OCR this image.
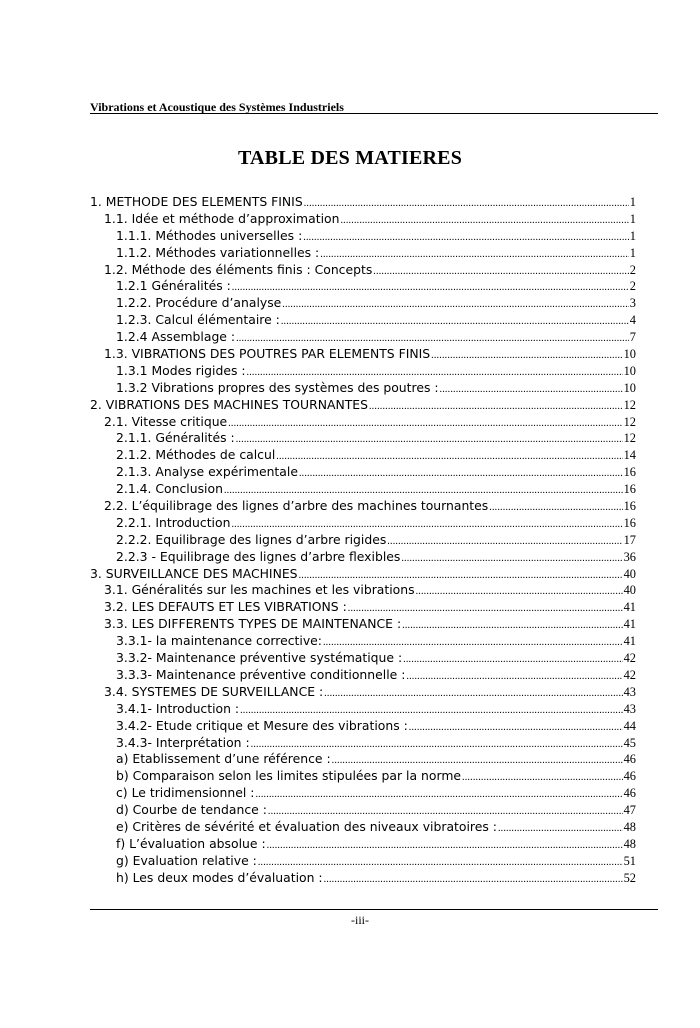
Vibrations et Acoustique des Systèmes Industriels
TABLE DES MATIERES
1. METHODE DES ELEMENTS FINIS .....	1
1.1. Idée et méthode d’approximation .....	1
1.1.1. Méthodes universelles : .....	1
1.1.2. Méthodes variationnelles : .....	1
1.2. Méthode des éléments finis : Concepts .....	2
1.2.1 Généralités : .....	2
1.2.2. Procédure d’analyse .....	3
1.2.3. Calcul élémentaire : .....	4
1.2.4 Assemblage : .....	7
1.3. VIBRATIONS DES POUTRES PAR ELEMENTS FINIS .....	10
1.3.1 Modes rigides : .....	10
1.3.2 Vibrations propres des systèmes des poutres : .....	10
2. VIBRATIONS DES MACHINES TOURNANTES .....	12
2.1. Vitesse critique .....	12
2.1.1. Généralités : .....	12
2.1.2. Méthodes de calcul .....	14
2.1.3. Analyse expérimentale .....	16
2.1.4. Conclusion .....	16
2.2. L’équilibrage des lignes d’arbre des machines tournantes .....	16
2.2.1. Introduction .....	16
2.2.2. Equilibrage des lignes d’arbre rigides .....	17
2.2.3 - Equilibrage des lignes d’arbre flexibles .....	36
3. SURVEILLANCE DES MACHINES .....	40
3.1. Généralités sur les machines et les vibrations .....	40
3.2. LES DEFAUTS ET LES VIBRATIONS : .....	41
3.3. LES DIFFERENTS TYPES DE MAINTENANCE : .....	41
3.3.1- la maintenance corrective: .....	41
3.3.2- Maintenance préventive systématique : .....	42
3.3.3- Maintenance préventive conditionnelle : .....	42
3.4. SYSTEMES DE SURVEILLANCE : .....	43
3.4.1- Introduction : .....	43
3.4.2- Etude critique et Mesure des vibrations : .....	44
3.4.3- Interprétation : .....	45
a) Etablissement d’une référence : .....	46
b) Comparaison selon les limites stipulées par la norme .....	46
c) Le tridimensionnel : .....	46
d) Courbe de tendance : .....	47
e) Critères de sévérité et évaluation des niveaux vibratoires : .....	48
f) L’évaluation absolue : .....	48
g) Evaluation relative : .....	51
h) Les deux modes d’évaluation : .....	52
-iii-
